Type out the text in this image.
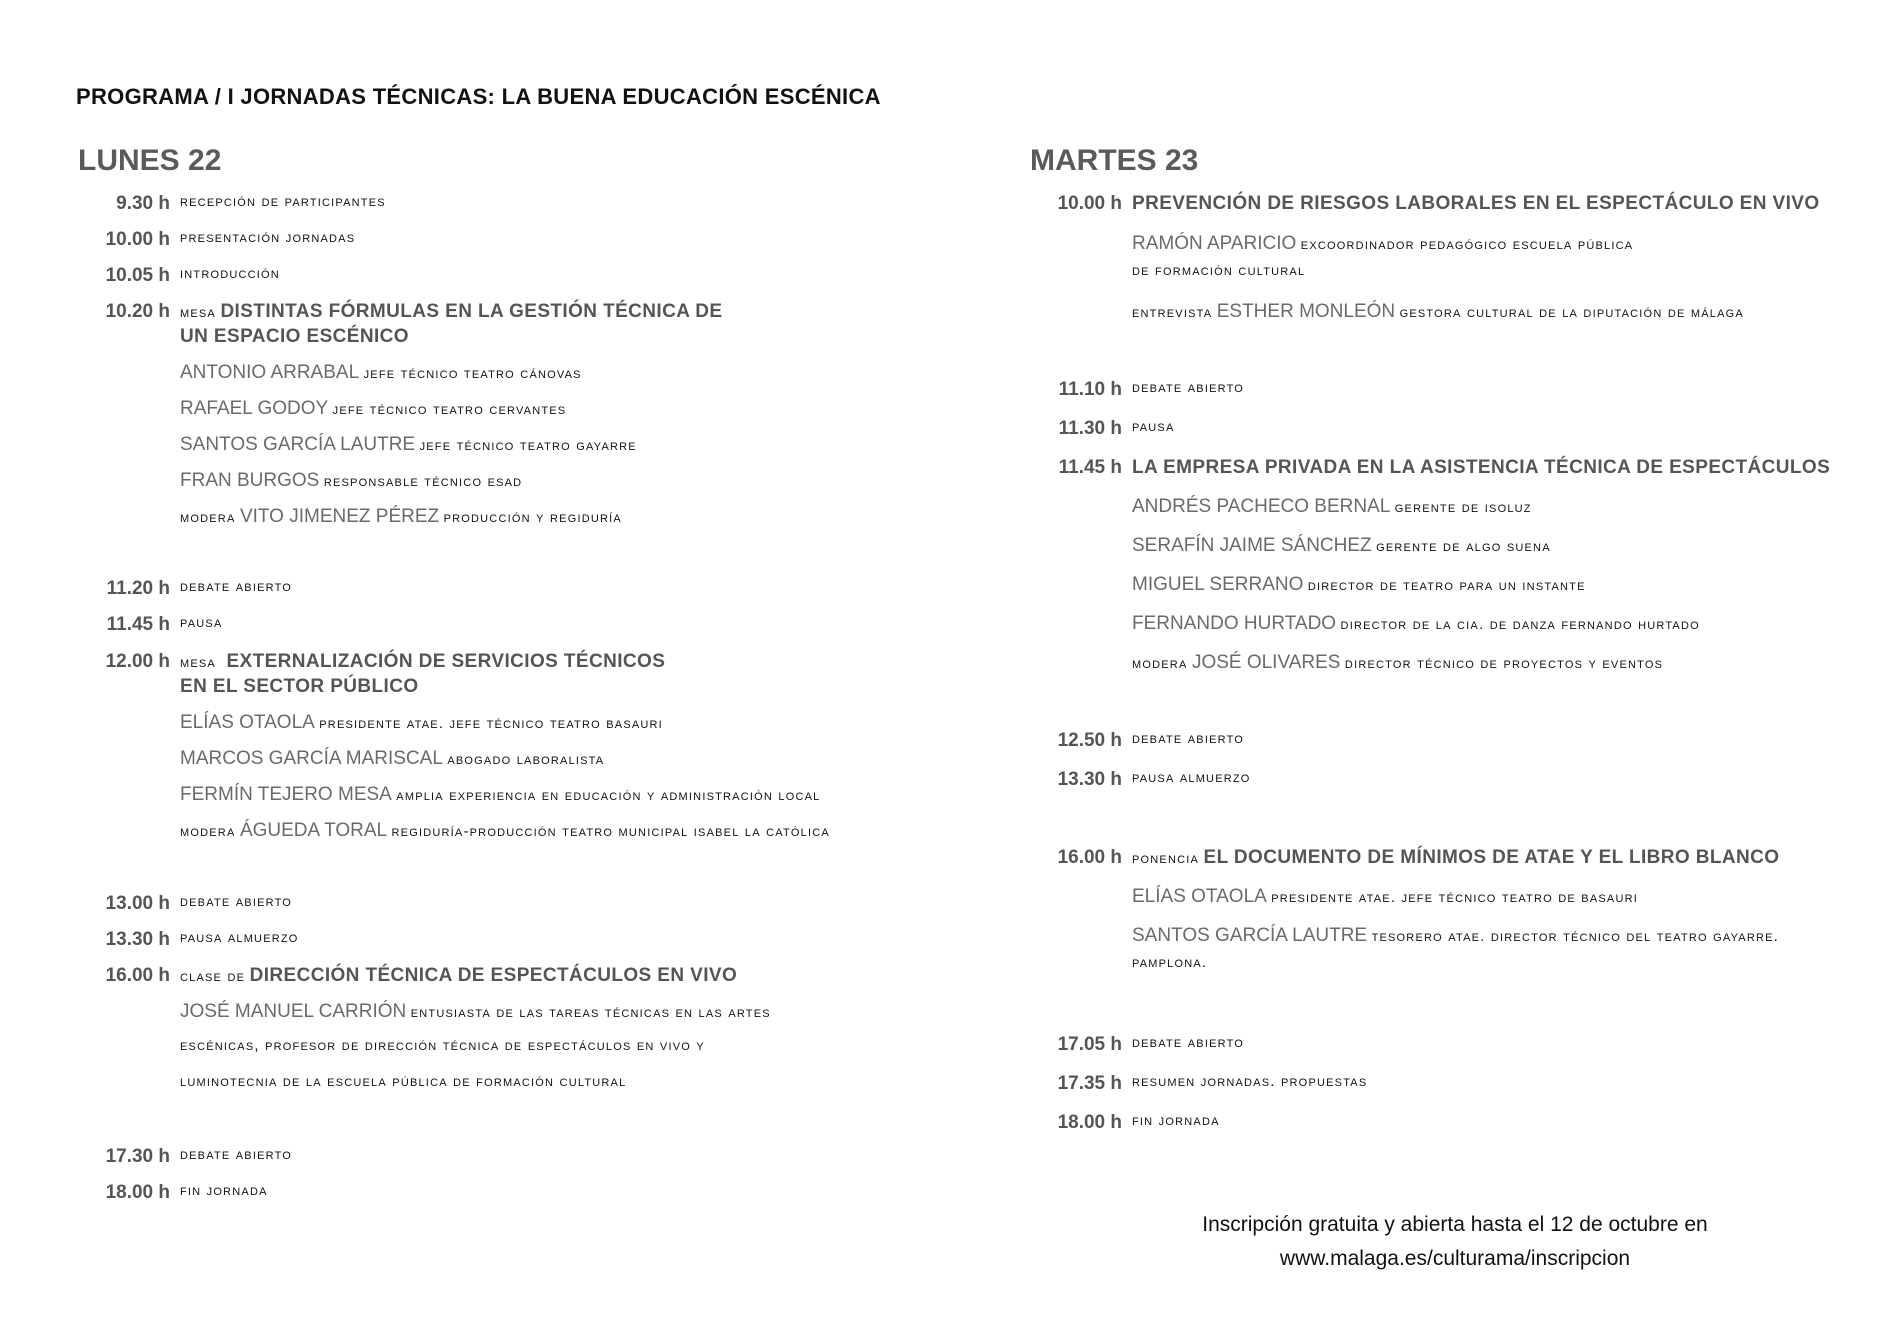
PROGRAMA / I JORNADAS TÉCNICAS: LA BUENA EDUCACIÓN ESCÉNICA
LUNES 22
9.30 h recepción de participantes
10.00 h presentación jornadas
10.05 h introducción
10.20 h mesa DISTINTAS FÓRMULAS EN LA GESTIÓN TÉCNICA DE
UN ESPACIO ESCÉNICO
ANTONIO ARRABAL jefe técnico teatro cánovas
RAFAEL GODOY jefe técnico teatro cervantes
SANTOS GARCÍA LAUTRE jefe técnico teatro gayarre
FRAN BURGOS responsable técnico esad
modera VITO JIMENEZ PÉREZ producción y regiduría
11.20 h debate abierto
11.45 h pausa
12.00 h mesa EXTERNALIZACIÓN DE SERVICIOS TÉCNICOS
EN EL SECTOR PÚBLICO
ELÍAS OTAOLA presidente atae. jefe técnico teatro basauri
MARCOS GARCÍA MARISCAL abogado laboralista
FERMÍN TEJERO MESA amplia experiencia en educación y administración local
modera ÁGUEDA TORAL regiduría-producción teatro municipal isabel la católica
13.00 h debate abierto
13.30 h pausa almuerzo
16.00 h clase de DIRECCIÓN TÉCNICA DE ESPECTÁCULOS EN VIVO
JOSÉ MANUEL CARRIÓN entusiasta de las tareas técnicas en las artes
escénicas, profesor de dirección técnica de espectáculos en vivo y
luminotecnia de la escuela pública de formación cultural
17.30 h debate abierto
18.00 h fin jornada
MARTES 23
10.00 h PREVENCIÓN DE RIESGOS LABORALES EN EL ESPECTÁCULO EN VIVO
RAMÓN APARICIO excoordinador pedagógico escuela pública
de formación cultural
entrevista ESTHER MONLEÓN gestora cultural de la diputación de málaga
11.10 h debate abierto
11.30 h pausa
11.45 h LA EMPRESA PRIVADA EN LA ASISTENCIA TÉCNICA DE ESPECTÁCULOS
ANDRÉS PACHECO BERNAL gerente de isoluz
SERAFÍN JAIME SÁNCHEZ gerente de algo suena
MIGUEL SERRANO director de teatro para un instante
FERNANDO HURTADO director de la cia. de danza fernando hurtado
modera JOSÉ OLIVARES director técnico de proyectos y eventos
12.50 h debate abierto
13.30 h pausa almuerzo
16.00 h ponencia EL DOCUMENTO DE MÍNIMOS DE ATAE Y EL LIBRO BLANCO
ELÍAS OTAOLA presidente atae. jefe técnico teatro de basauri
SANTOS GARCÍA LAUTRE tesorero atae. director técnico del teatro gayarre.
pamplona.
17.05 h debate abierto
17.35 h resumen jornadas. propuestas
18.00 h fin jornada
Inscripción gratuita y abierta hasta el 12 de octubre en
www.malaga.es/culturama/inscripcion
